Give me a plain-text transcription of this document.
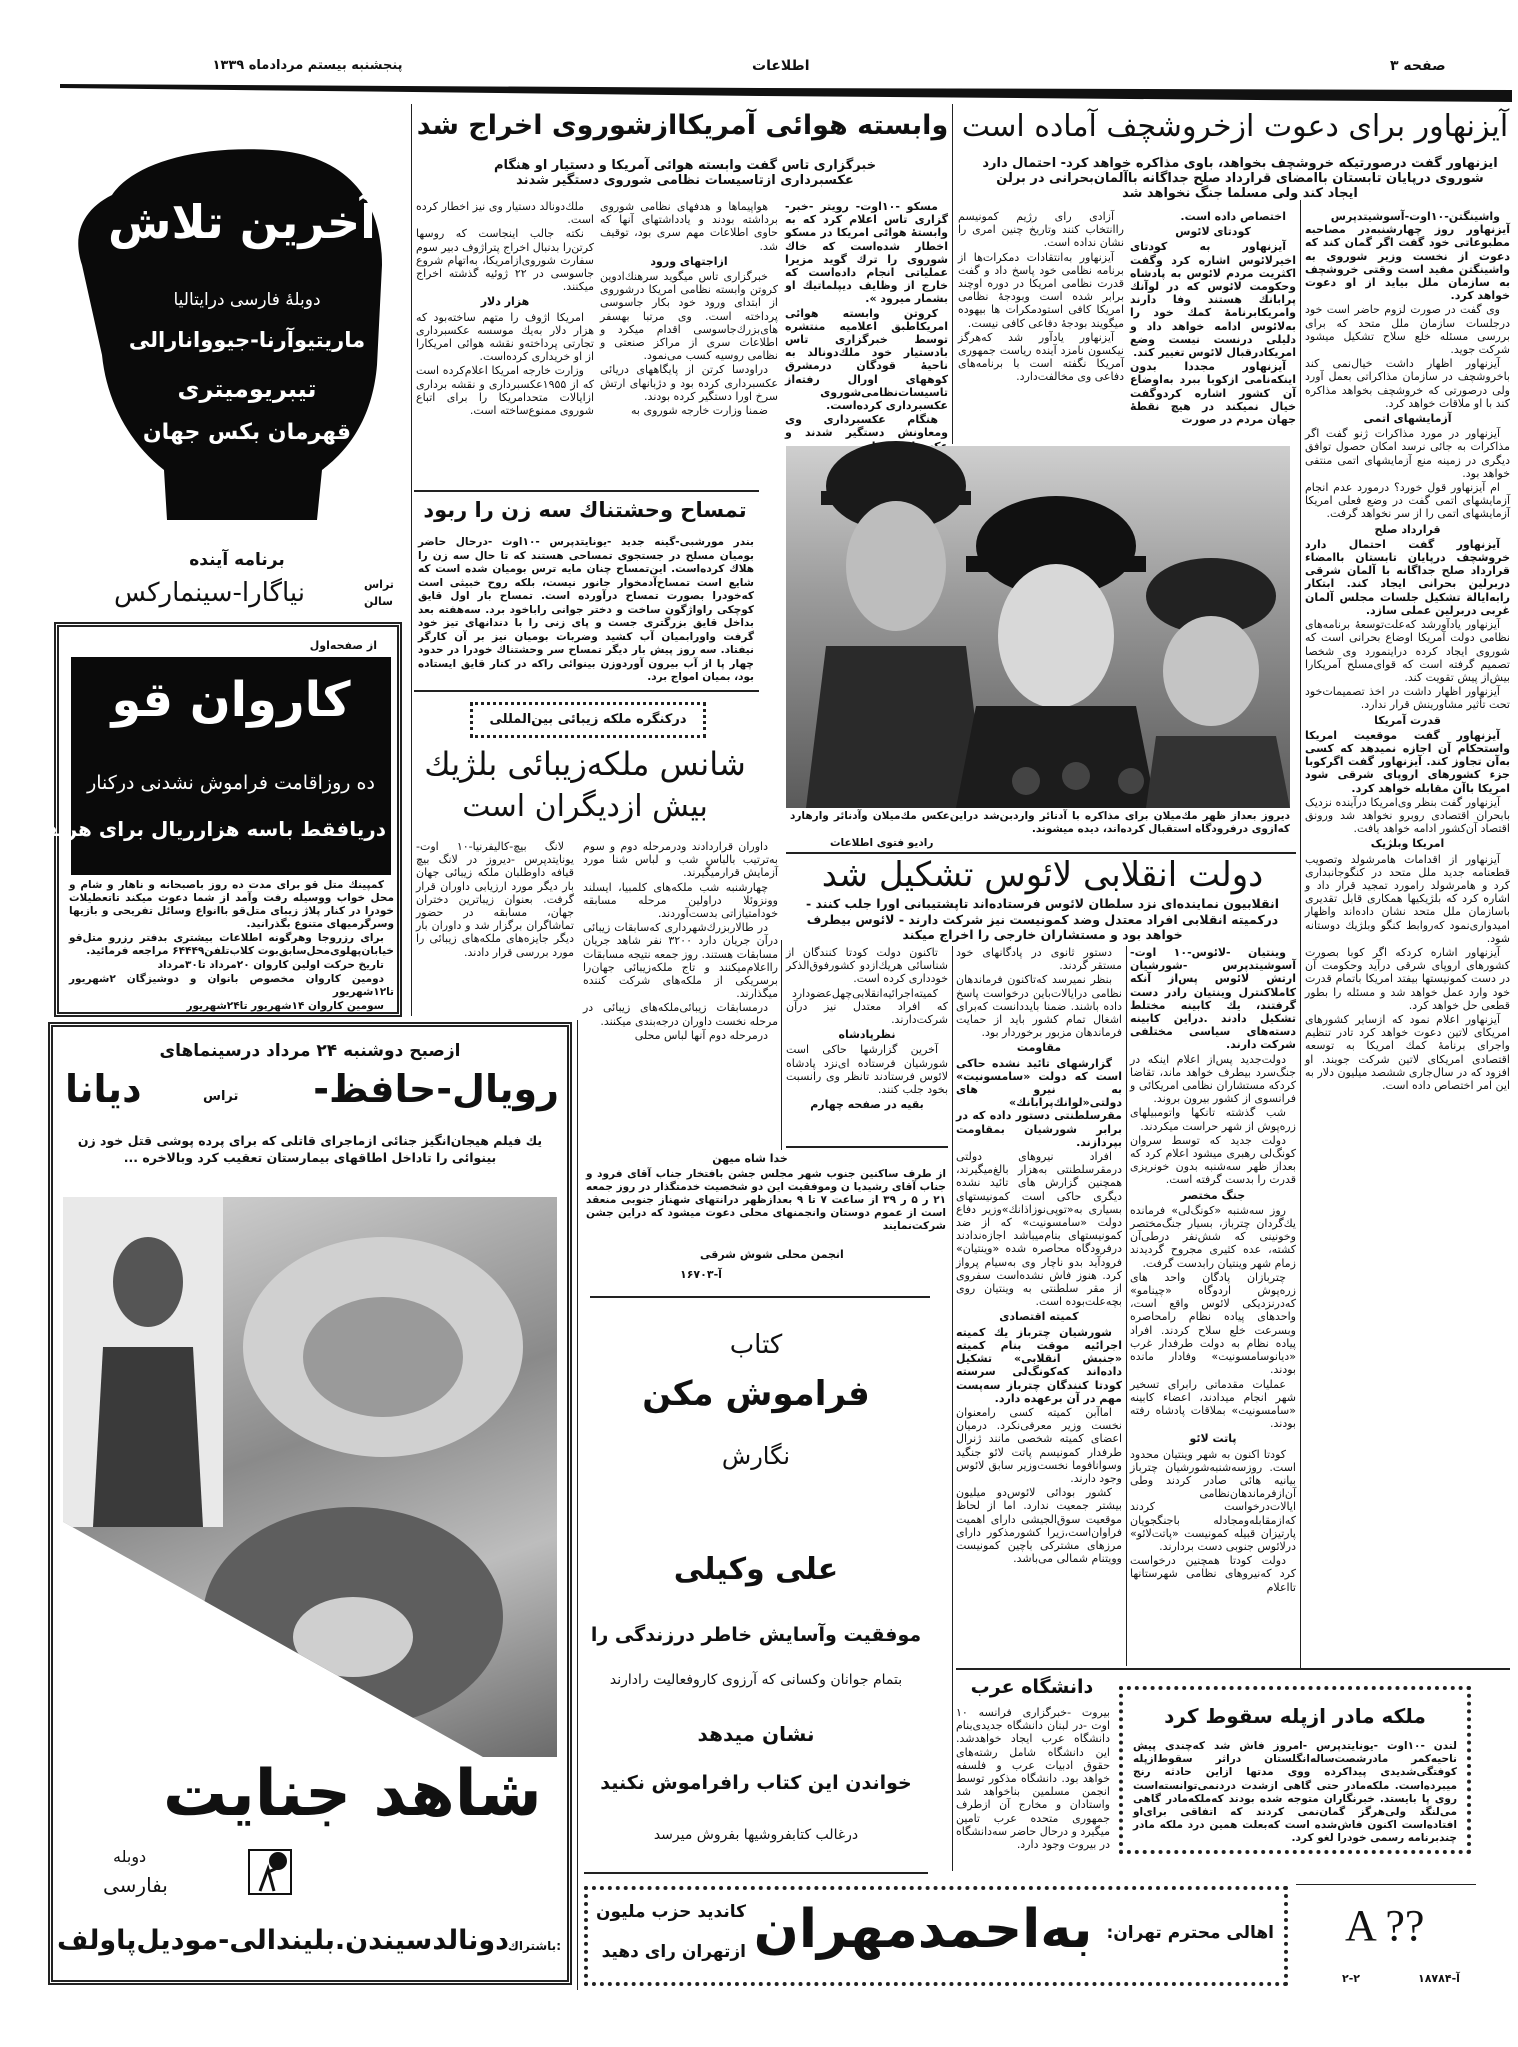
صفحه ۳
اطلاعات
پنجشنبه بیستم مردادماه ۱۳۳۹
آخرین تلاش
دوبلهٔ فارسی درایتالیا
ماریتیوآرنا-جیووانارالی
تیبریومیتری
قهرمان بکس جهان
برنامه آینده
تراس
سالن
نیاگارا-سینمارکس
از صفحه‌اول
کاروان قو
ده روزاقامت فراموش نشدنی درکنار
دریافقط باسه هزارریال برای هرنفر

کمپینك متل قو برای مدت ده روز باصبحانه و ناهار و شام و محل خواب ووسیله رفت وآمد از شما دعوت میکند تاتعطیلات خودرا در کنار پلاژ زیبای متل‌قو باانواع وسائل تفریحی و بازیها وسرگرمیهای متنوع بگذرانید.

برای رزروجا وهرگونه اطلاعات بیشتری بدفتر رزرو متل‌قو خیابان‌پهلوی‌محل‌سابق‌بوت کلاب‌تلفن۶۴۴۴۹ مراجعه فرمائید.

تاریخ حرکت اولین کاروان ۲۰مرداد تا۳۰مرداد

دومین کاروان مخصوص بانوان و دوشیزگان ۲شهریور تا۱۲شهریور

سومین کاروان ۱۴شهریور تا۲۴شهریور

ازصبح دوشنبه ۲۴ مرداد درسینماهای
رویال-حافظ-
تراس
دیانا
یك فیلم هیجان‌انگیز جنائی ازماجرای قاتلی که برای پرده پوشی قتل خود زن بینوائی را تاداخل اطاقهای بیمارستان تعقیب کرد وبالاخره ...
شاهد جنایت
دوبله
بفارسی
باشتراك:
دونالدسیندن.بلیندالی-مودیل‌پاولف
وابسته هوائی آمریکاازشوروی اخراج شد
خبرگزاری تاس گفت وابسته هوائی آمریکا و دستیار او هنگام عکسبرداری ازتاسیسات نظامی شوروی دستگیر شدند

مسکو -۱۰اوت- رویتر -خبر- گزاری تاس اعلام کرد که به وابستهٔ هوائی امریکا در مسکو اخطار شده‌است که خاك شوروی را ترك گوید مزیرا عملیاتی انجام داده‌است که خارج از وظایف دیپلماتیك او بشمار میرود ».

کروتن وابسته هوائی امریکاطبق اعلامیه منتشره توسط خبرگزاری تاس بادستیار خود ملك‌دونالد به ناحیهٔ قودگان درمشرق کوههای اورال رفته‌از تاسیسات‌نظامی‌شوروی عکسبرداری کرده‌است.

هنگام عکسبرداری وی ومعاونش دستگیر شدند و

هواپیماها و هدفهای نظامی شوروی برداشته بودند و یادداشتهای آنها که حاوی اطلاعات مهم سری بود، توقیف شد.

ازاجتهای ورود

خبرگزاری تاس میگوید سرهنك‌ادوین کروتن وابسته نظامی امریکا درشوروی از ابتدای ورود خود بکار جاسوسی پرداخته است. وی مرتبا بهسفر های‌بزرك‌جاسوسی اقدام میکرد و اطلاعات سری از مراکز صنعتی و نظامی روسیه کسب می‌نمود.

دراودسا کرتن از پایگاههای دریائی عکسبرداری کرده بود و دژبانهای ارتش سرخ اورا دستگیر کرده بودند.

ضمنا وزارت خارجه شوروی به

ملك‌دونالد دستیار وی نیز اخطار کرده است.

نکته جالب اینجاست که روسها کرتن‌را بدنبال اخراج پتراژوف دبیر سوم سفارت شوروی‌ازامریکا، به‌اتهام شروع جاسوسی در ۲۲ ژوئیه گذشته اخراج میکنند.

هزار دلار

امریکا اژوف را متهم ساخته‌بود که هزار دلار به‌یك موسسه عکسبرداری تجارتی پرداخته‌و نقشه هوائی امریکارا از او خریداری کرده‌است.

وزارت خارجه امریکا اعلام‌کرده است که از ۱۹۵۵عکسبرداری و نقشه برداری ازایالات متحدامریکا را برای اتباع شوروی ممنوع‌ساخته است.

تمساح وحشتناك سه زن را ربود
بندر مورشبی-گینه جدید -یونایتدپرس -۱۰اوت -درحال حاضر بومیان مسلح در جستجوی تمساحی هستند که تا حال سه زن را هلاك کرده‌است. این‌تمساح چنان مایه ترس بومیان شده است که شایع است تمساح‌آدمخوار جانور نیست، بلکه روح خبیثی است که‌خودرا بصورت تمساح درآورده است. تمساح بار اول قایق کوچکی راواژگون ساخت و دختر جوانی رابا‌خود برد. سه‌هفته بعد بداخل قایق بزرگتری جست و پای زنی را با دندانهای تیز خود گرفت واورابمیان آب کشید وضربات بومیان نیز بر آن کارگر نیفتاد. سه روز پیش بار دیگر تمساح سر وحشتناك خودرا در حدود چهار پا از آب بیرون آوردوزن بینوائی راکه در کنار قایق ایستاده بود، بمیان امواج برد.
درکنگره ملکه زیبائی بین‌المللی
شانس ملکه‌زیبائی بلژیك
بیش ازدیگران است

لانگ بیچ-کالیفرنیا-۱۰ اوت- یونایتدپرس -دیروز در لانگ بیچ قیافه داوطلبان ملکه زیبائی جهان بار دیگر مورد ارزیابی داوران قرار گرفت. بعنوان زیباترین دختران جهان، مسابقه در حضور تماشاگران برگزار شد و داوران بار دیگر جایزه‌های ملکه‌های زیبائی را مورد بررسی قرار دادند.

داوران قراردادند ودرمرحله دوم و سوم به‌ترتیب بالباس شب و لباس شنا مورد آزمایش قرارمیگیرند.

چهارشنبه شب ملکه‌های کلمبیا، ایسلند وونزوئلا دراولین مرحله مسابقه خودامتیازاتی بدست‌آوردند.

در طالاربزرك‌شهرداری که‌سابقات زیبائی درآن جریان دارد ۳۲۰۰ نفر شاهد جریان مسابقات هستند. روز جمعه نتیجه مسابقات رااعلام‌میکنند و تاج ملکه‌زیبائی جهان‌را برسریکی از ملکه‌های شرکت کننده میگذارند.

درمسابقات زیبائی‌ملکه‌های زیبائی در مرحله نخست داوران درجه‌بندی میکنند.

درمرحله دوم آنها لباس محلی

آیزنهاور برای دعوت ازخروشچف آماده است
ایزنهاور گفت درصورتیکه خروشچف بخواهد، باوی مذاکره خواهد کرد- احتمال دارد شوروی درپایان تابستان باامضای قرارداد صلح جداگانه باآلمان‌بحرانی در برلن ایجاد کند ولی مسلما جنگ نخواهد شد

واشینگتن-۱۰اوت-آسوشیتدپرس آیزنهاور روز چهارشنبه‌در مصاحبه مطبوعاتی خود گفت اگر گمان کند که دعوت از نخست وزیر شوروی به واشینگتن مفید است وقتی خروشچف به سازمان ملل بیاید از او دعوت خواهد کرد.

وی گفت در صورت لزوم حاضر است خود درجلسات سازمان ملل متحد که برای بررسی مسئله خلع سلاح تشکیل میشود شرکت جوید.

آیزنهاور اظهار داشت خیال‌نمی کند باخروشچف در سازمان مذاکراتی بعمل آورد ولی درصورتی که خروشچف بخواهد مذاکره کند با او ملاقات خواهد کرد.

آزمایشهای اتمی

آیزنهاور در مورد مذاکرات ژنو گفت اگر مذاکرات به جائی نرسد امکان حصول توافق دیگری در زمینه منع آزمایشهای اتمی منتفی خواهد بود.

ام آیزنهاور قول خورد؟ درمورد عدم انجام آزمایشهای اتمی گفت در وضع فعلی امریکا آزمایشهای اتمی را از سر نخواهد گرفت.

قرارداد صلح

آیزنهاور گفت احتمال دارد خروشچف درپایان تابستان باامضاء قرارداد صلح جداگانه با آلمان شرقی دربرلین بحرانی ایجاد کند. ابتکار رابه‌ایالة تشکیل جلسات مجلس آلمان غربی دربرلین عملی سازد.

آیزنهاور یادآورشد که‌علت‌توسعهٔ برنامه‌های نظامی دولت آمریکا اوضاع بحرانی است که شوروی ایجاد کرده دراینمورد وی شخصا تصمیم گرفته است که قوای‌مسلح آمریکارا بیش‌از پیش تقویت کند.

آیزنهاور اظهار داشت در اخذ تصمیمات‌خود تحت تأثیر مشاورینش قرار ندارد.

قدرت آمریکا

آیزنهاور گفت موقعیت امریکا واستحکام آن اجازه نمیدهد که کسی به‌آن تجاوز کند. آیزنهاور گفت اگرکوبا جزء کشورهای اروپای شرقی شود امریکا باآن مقابله خواهد کرد.

آیزنهاور گفت بنظر وی‌امریکا درآینده نزدیک بابحران اقتصادی روبرو نخواهد شد ورونق اقتصاد آن‌کشور ادامه خواهد یافت.

امریکا وبلژیک

آیزنهاور از اقدامات هامرشولد وتصویب قطعنامه جدید ملل متحد در کنگوجانبداری کرد و هامرشولد رامورد تمجید قرار داد و اشاره کرد که بلژیکیها همکاری قابل تقدیری باسازمان ملل متحد نشان داده‌اند واظهار امیدواری‌نمود که‌روابط کنگو وبلژیك دوستانه شود.

آیزنهاور اشاره کردکه اگر کوبا بصورت کشورهای اروپای شرقی درآید وحکومت آن در دست کمونیستها بیفتد امریکا باتمام قدرت خود وارد عمل خواهد شد و مسئله را بطور قطعی حل خواهد کرد.

آیزنهاور اعلام نمود که ازسایر کشورهای امریکای لاتین دعوت خواهد کرد تادر تنظیم واجرای برنامهٔ کمك امریکا به توسعه اقتصادی امریکای لاتین شرکت جویند. او افزود که در سال‌جاری ششصد میلیون دلار به این امر اختصاص داده است.

اختصاص داده است.

کودتای لائوس

آیزنهاور به کودتای اخیرلائوس اشاره کرد وگفت اکثریت مردم لائوس به پادشاه وحکومت لائوس که در لوآنك پرابانك هستند وفا دارند وامریکابرنامهٔ کمك خود را به‌لائوس ادامه خواهد داد و دلیلی درنست نیست وضع امریکادرقبال لائوس تغییر کند.

آیزنهاور مجددا بدون اینکه‌نامی ازکوبا ببرد به‌اوضاع آن کشور اشاره کردوگفت خیال نمیکند در هیچ نقطهٔ جهان مردم در صورت

آزادی رای رژیم کمونیسم راانتخاب کنند وتاریخ چنین امری را نشان نداده است.

آیزنهاور به‌انتقادات دمکرات‌ها از برنامه نظامی خود پاسخ داد و گفت قدرت نظامی امریکا در دوره اوچند برابر شده است وبودجهٔ نظامی امریکا کافی استودمکرات ها بیهوده میگویند بودجهٔ دفاعی کافی نیست.

آیزنهاور یادآور شد که‌هرگز نیکسون نامزد آینده ریاست جمهوری آمریکا نگفته است با برنامه‌های دفاعی وی مخالفت‌دارد.

دیروز بعداز ظهر مك‌میلان برای مذاکره با آدنائر واردبن‌شد دراین‌عکس مك‌میلان وآدنائر وارهارد که‌ازوی درفرودگاه استقبال کرده‌اند، دیده میشوند.
رادیو فتوی اطلاعات
دولت انقلابی لائوس تشکیل شد
انقلابیون نماینده‌ای نزد سلطان لائوس فرستاده‌اند تاپشتیبانی اورا جلب کنند - درکمیته انقلابی افراد معتدل وضد کمونیست نیز شرکت دارند - لائوس بیطرف خواهد بود و مستشاران خارجی را اخراج میکند

وینتیان -لائوس-۱۰ اوت-آسوشیتدپرس -شورشیان ارتش لائوس پس‌از آنکه کاملاکنترل وینتیان رادر دست گرفتند، یك کابینه مختلط تشکیل دادند .دراین کابینه دسته‌های سیاسی مختلفی شرکت دارند.

دولت‌جدید پس‌از اعلام اینکه در جنگ‌سرد بیطرف خواهد ماند، تقاضا کردکه مستشاران نظامی امریکائی و فرانسوی از کشور بیرون بروند.

شب گذشته تانکها واتومبیلهای زره‌پوش از شهر حراست میکردند.

دولت جدید که توسط سروان کونگ‌لی رهبری میشود اعلام کرد که بعداز ظهر سه‌شنبه بدون خونریزی قدرت را بدست گرفته است.

جنگ مختصر

روز سه‌شنبه «کونگ‌لی» فرمانده یك‌گردان چترباز، بسیار جنگ‌مختصر وخونینی که شش‌نفر درطی‌آن کشته، عده کثیری مجروح گردیدند زمام شهر وینتیان رابدست گرفت.

چتربازان پادگان واحد های زره‌پوش اردوگاه «چینامو» که‌درنزدیکی لائوس واقع است، واحدهای پیاده نظام رامحاصره وبسرعت خلع سلاح کردند. افراد پیاده نظام به دولت طرفدار غرب «دیانوسامسونیت» وفادار مانده بودند.

عملیات مقدماتی رابرای تسخیر شهر انجام میدادند، اعضاء کابینه «سامسونیت» بملاقات پادشاه رفته بودند.

پاتت لائو

کودتا اکنون به شهر وینتیان محدود است. روزسه‌شنبه‌شورشیان چترباز بیانیه هائی صادر کردند وطی آن‌ازفرماندهان‌نظامی ایالات‌درخواست کردند که‌ازمقابله‌ومجادله باجنگجویان پارتیزان قبیله کمونیست «پاتت‌لائو» درلائوس جنوبی دست بردارند.

دولت کودتا همچنین درخواست کرد که‌نیروهای نظامی شهرستانها تااعلام

دستور ثانوی در پادگانهای خود مستقر گردند.

بنظر نمیرسد که‌تاکنون فرماندهان نظامی درایالات‌باین درخواست پاسخ داده باشند. ضمنا بایددانست که‌برای اشغال تمام کشور باید از حمایت فرماندهان مزبور برخوردار بود.

مقاومت

گزارشهای تائید نشده حاکی است که دولت «سامسونیت» به نیرو های دولتی«لوانك‌پرابانك» مقرسلطنتی دستور داده که در برابر شورشیان بمقاومت بپردازند.

افراد نیروهای دولتی درمقرسلطنتی به‌هزار بالغ‌میگیرند، همچنین گزارش های تائید نشده دیگری حاکی است کمونیستهای بسیاری به«توپی‌نوزاذانك»وزیر دفاع دولت «سامسونیت» که از ضد کمونیستهای بنام‌میباشد اجازه‌ندادند درفرودگاه محاصره شده «وینتیان» فرودآید بدو ناچار وی به‌سیام پرواز کرد. هنوز فاش نشده‌است سفروی از مقر سلطنتی به وینتیان روی بچه‌علت‌بوده است.

کمیته اقتصادی

شورشیان چترباز یك کمیته اجرائیه موقت بنام کمیته «جنبش انقلابی» تشکیل داده‌اند که‌کونگ‌لی سرسته کودتا کنندگان چترباز سه‌پست مهم در آن برعهده دارد.

اماآبن کمیته کسی رامعنوان نخست وزیر معرفی‌نکرد. درمیان اعضای کمیته شخصی مانند ژنرال طرفدار کمونیسم پاتت لائو جنگید وسوانافوما نخست‌وزیر سابق لائوس وجود دارند.

کشور بودائی لائوس‌دو میلیون بیشتر جمعیت ندارد. اما از لحاظ موقعیت سوق‌الجیشی دارای اهمیت فراوان‌است،زیرا کشورمذکور دارای مرزهای مشترکی باچین کمونیست وویتنام شمالی می‌باشد.

تاکنون دولت کودتا کنندگان از شناسائی هریك‌ازدو کشورفوق‌الذکر خودداری کرده است.

کمیته‌اجرائیه‌انقلابی‌چهل‌عضو‌دارد که افراد معتدل نیز درآن شرکت‌دارند.

نظرپادشاه

آخرین گزارشها حاکی است شورشیان فرستاده ای‌نزد پادشاه لائوس فرستادند تانظر وی رانسبت بخود جلب کنند.

بقیه در صفحه چهارم

خدا شاه میهن
از طرف ساکنین جنوب شهر مجلس جشن بافتخار جناب آقای فرود و جناب آقای رشیدیا ن وموفقیت این دو شخصیت خدمتگذار در روز جمعه ۲۱ ر ۵ ر ۳۹ از ساعت ۷ تا ۹ بعدازظهر درانتهای شهناز جنوبی منعقد است از عموم دوستان وانجمنهای محلی دعوت میشود که دراین جشن شرکت‌نمایند
انجمن محلی شوش شرقی
آ-۱۶۷۰۳
کتاب
فراموش مکن
نگارش
علی وکیلی
موفقیت وآسایش خاطر درزندگی را
بتمام جوانان وکسانی که آرزوی کاروفعالیت رادارند
نشان میدهد
خواندن این کتاب رافراموش نکنید
درغالب کتابفروشیها بفروش میرسد
دانشگاه عرب
بیروت -خبرگزاری فرانسه ۱۰ اوت -در لبنان دانشگاه جدیدی‌بنام دانشگاه عرب ایجاد خواهدشد. این دانشگاه شامل رشته‌های حقوق ادبیات عرب و فلسفه خواهد بود. دانشگاه مذکور توسط انجمن مسلمین بناخواهد شد واستادان و مخارج آن ازطرف جمهوری متحده عرب تامین میگیرد و درحال حاضر سه‌دانشگاه در بیروت وجود دارد.
ملکه مادر ازپله سقوط کرد
لندن -۱۰اوت -یونایتدپرس -امروز فاش شد که‌چندی پیش ناحیه‌کمر مادرشصت‌ساله‌انگلستان دراثر سقوط‌ازپله کوفتگی‌شدیدی پیداکرده ووی مدتها ازاین حادثه رنج میبرده‌است. ملکه‌مادر حتی گاهی ازشدت دردنمی‌توانسته‌است روی پا بایستد. خبرنگاران متوجه شده بودند که‌ملکه‌مادر گاهی می‌لنگد ولی‌هرگز گمان‌نمی کردند که اتفاقی برای‌او افتاده‌است اکنون فاش‌شده است که‌بعلت همین درد ملکه مادر چندبرنامه رسمی خودرا لغو کرد.
اهالی محترم تهران:
به‌احمدمهران
کاندید حزب ملیون
ازتهران رای دهید
A ??
آ-۱۸۷۸۴
۲-۲
